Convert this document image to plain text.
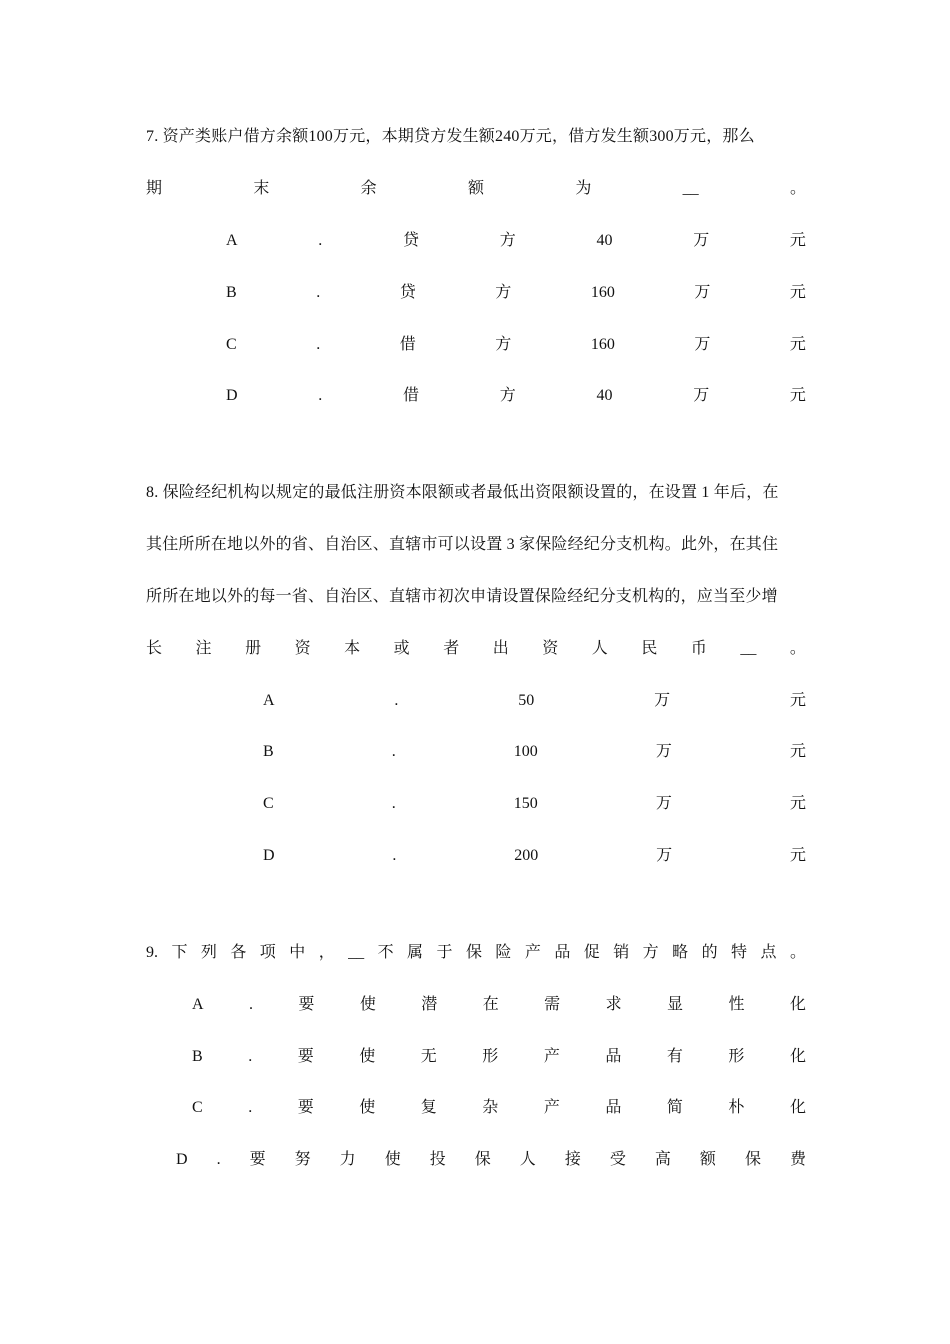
7. 资产类账户借方余额100万元，本期贷方发生额240万元，借方发生额300万元，那么
期	末	余	额	为	__	。
A	.	贷	方	40	万	元
B	.	贷	方	160	万	元
C	.	借	方	160	万	元
D	.	借	方	40	万	元
8. 保险经纪机构以规定的最低注册资本限额或者最低出资限额设置的，在设置 1 年后，在
其住所所在地以外的省、自治区、直辖市可以设置 3 家保险经纪分支机构。此外，在其住
所所在地以外的每一省、自治区、直辖市初次申请设置保险经纪分支机构的，应当至少增
长 注 册 资 本 或 者 出 资 人 民 币 __ 。
A	.	50	万	元
B	.	100	万	元
C	.	150	万	元
D	.	200	万	元
9. 下 列 各 项 中 ， __ 不 属 于 保 险 产 品 促 销 方 略 的 特 点 。
A	.	要	使	潜	在	需	求	显	性	化
B	.	要	使	无	形	产	品	有	形	化
C	.	要	使	复	杂	产	品	简	朴	化
D . 要 努 力 使 投 保 人 接 受 高 额 保 费
